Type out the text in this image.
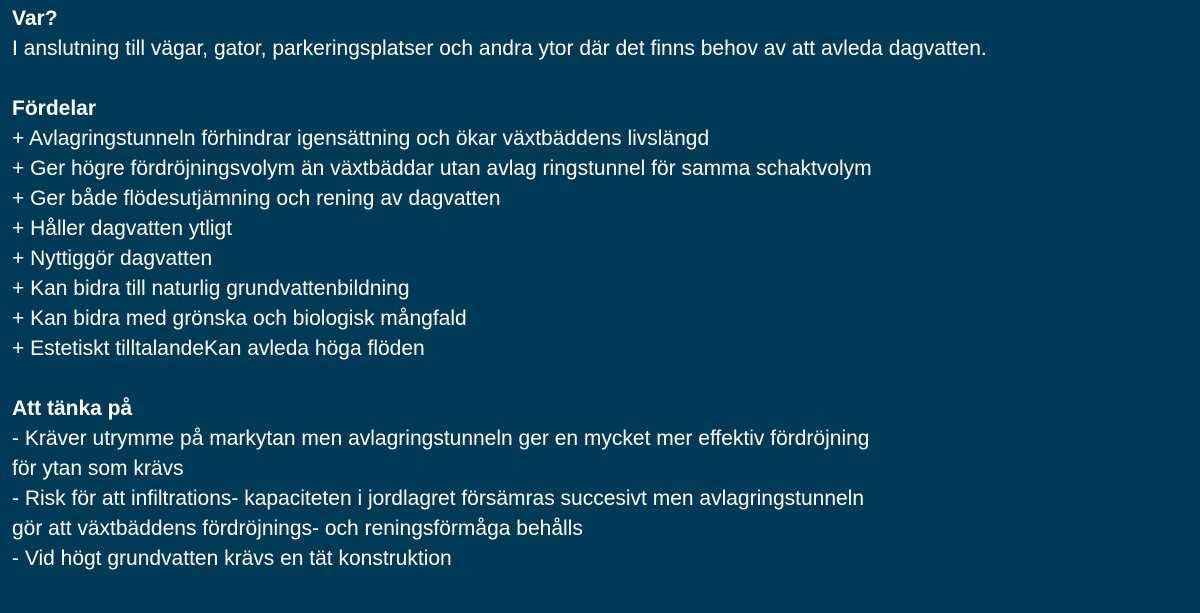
Var?

I anslutning till vägar, gator, parkeringsplatser och andra ytor där det finns behov av att avleda dagvatten.

Fördelar

+ Avlagringstunneln förhindrar igensättning och ökar växtbäddens livslängd

+ Ger högre fördröjningsvolym än växtbäddar utan avlag ringstunnel för samma schaktvolym

+ Ger både flödesutjämning och rening av dagvatten

+ Håller dagvatten ytligt

+ Nyttiggör dagvatten

+ Kan bidra till naturlig grundvattenbildning

+ Kan bidra med grönska och biologisk mångfald

+ Estetiskt tilltalandeKan avleda höga flöden

Att tänka på

- Kräver utrymme på markytan men avlagringstunneln ger en mycket mer effektiv fördröjning

för ytan som krävs

- Risk för att infiltrations- kapaciteten i jordlagret försämras succesivt men avlagringstunneln

gör att växtbäddens fördröjnings- och reningsförmåga behålls

- Vid högt grundvatten krävs en tät konstruktion
